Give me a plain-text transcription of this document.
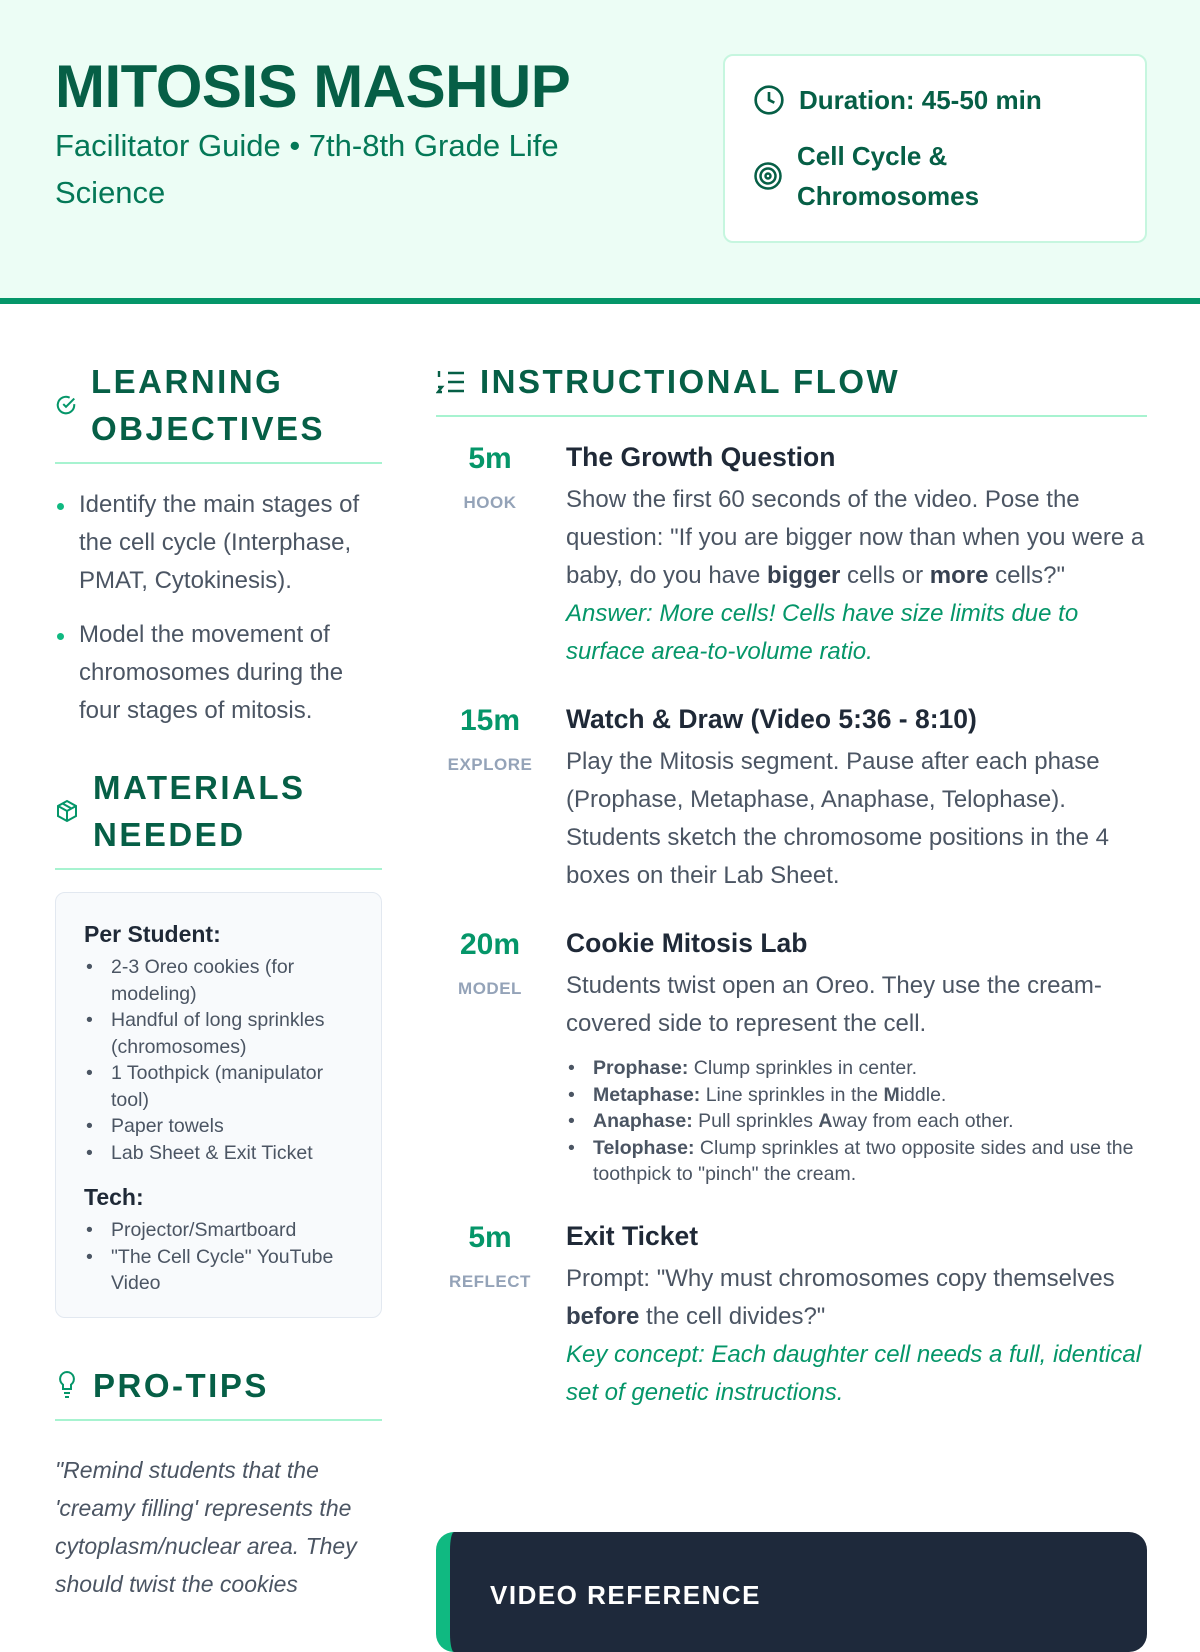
MITOSIS MASHUP
Facilitator Guide • 7th-8th Grade Life Science
Duration: 45-50 min
Cell Cycle & Chromosomes
LEARNING OBJECTIVES
Identify the main stages of the cell cycle (Interphase, PMAT, Cytokinesis).
Model the movement of chromosomes during the four stages of mitosis.
MATERIALS NEEDED
Per Student:
• 2-3 Oreo cookies (for modeling)
• Handful of long sprinkles (chromosomes)
• 1 Toothpick (manipulator tool)
• Paper towels
• Lab Sheet & Exit Ticket
Tech:
• Projector/Smartboard
• "The Cell Cycle" YouTube Video
PRO-TIPS

"Remind students that the 'creamy filling' represents the cytoplasm/nuclear area. They should twist the cookies

INSTRUCTIONAL FLOW
5m
HOOK
The Growth Question

Show the first 60 seconds of the video. Pose the question: "If you are bigger now than when you were a baby, do you have bigger cells or more cells?"

Answer: More cells! Cells have size limits due to surface area-to-volume ratio.

15m
EXPLORE
Watch & Draw (Video 5:36 - 8:10)

Play the Mitosis segment. Pause after each phase (Prophase, Metaphase, Anaphase, Telophase). Students sketch the chromosome positions in the 4 boxes on their Lab Sheet.

20m
MODEL
Cookie Mitosis Lab

Students twist open an Oreo. They use the cream-covered side to represent the cell.

• Prophase: Clump sprinkles in center.
• Metaphase: Line sprinkles in the Middle.
• Anaphase: Pull sprinkles Away from each other.
• Telophase: Clump sprinkles at two opposite sides and use the toothpick to "pinch" the cream.
5m
REFLECT
Exit Ticket

Prompt: "Why must chromosomes copy themselves before the cell divides?"

Key concept: Each daughter cell needs a full, identical set of genetic instructions.

VIDEO REFERENCE
